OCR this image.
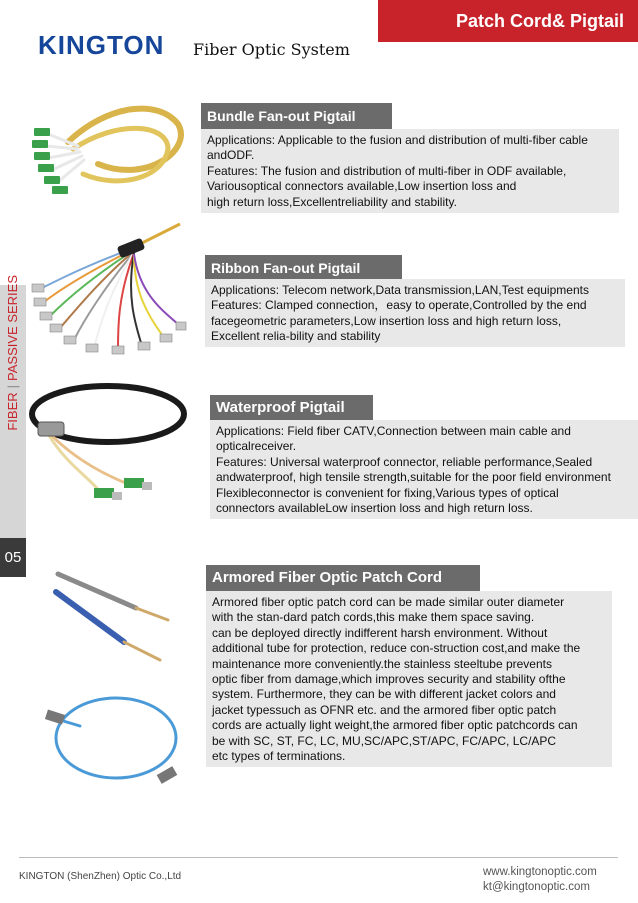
Patch Cord& Pigtail
KINGTON Fiber Optic System
FIBER|PASSIVE SERIES
05
Bundle Fan-out Pigtail
Applications: Applicable to the fusion and distribution of multi-fiber cable
andODF.
Features: The fusion and distribution of multi-fiber in ODF available,
Variousoptical connectors available,Low insertion loss and
high return loss,Excellentreliability and stability.
Ribbon Fan-out Pigtail
Applications: Telecom network,Data transmission,LAN,Test equipments
Features: Clamped connection，easy to operate,Controlled by the end
facegeometric parameters,Low insertion loss and high return loss,
Excellent relia-bility and stability
Waterproof Pigtail
Applications: Field fiber CATV,Connection between main cable and
opticalreceiver.
Features: Universal waterproof connector, reliable performance,Sealed
andwaterproof, high tensile strength,suitable for the poor field environment
Flexibleconnector is convenient for fixing,Various types of optical
connectors availableLow insertion loss and high return loss.
Armored Fiber Optic Patch Cord
Armored fiber optic patch cord can be made similar outer diameter
with the stan-dard patch cords,this make them space saving.
can be deployed directly indifferent harsh environment. Without
additional tube for protection, reduce con-struction cost,and make the
maintenance more conveniently.the stainless steeltube prevents
optic fiber from damage,which improves security and stability ofthe
system. Furthermore, they can be with different jacket colors and
jacket typessuch as OFNR etc. and the armored fiber optic patch
cords are actually light weight,the armored fiber optic patchcords can
be with SC, ST, FC, LC, MU,SC/APC,ST/APC, FC/APC, LC/APC
etc types of terminations.
KINGTON (ShenZhen) Optic Co.,Ltd	www.kingtonoptic.com
kt@kingtonoptic.com
